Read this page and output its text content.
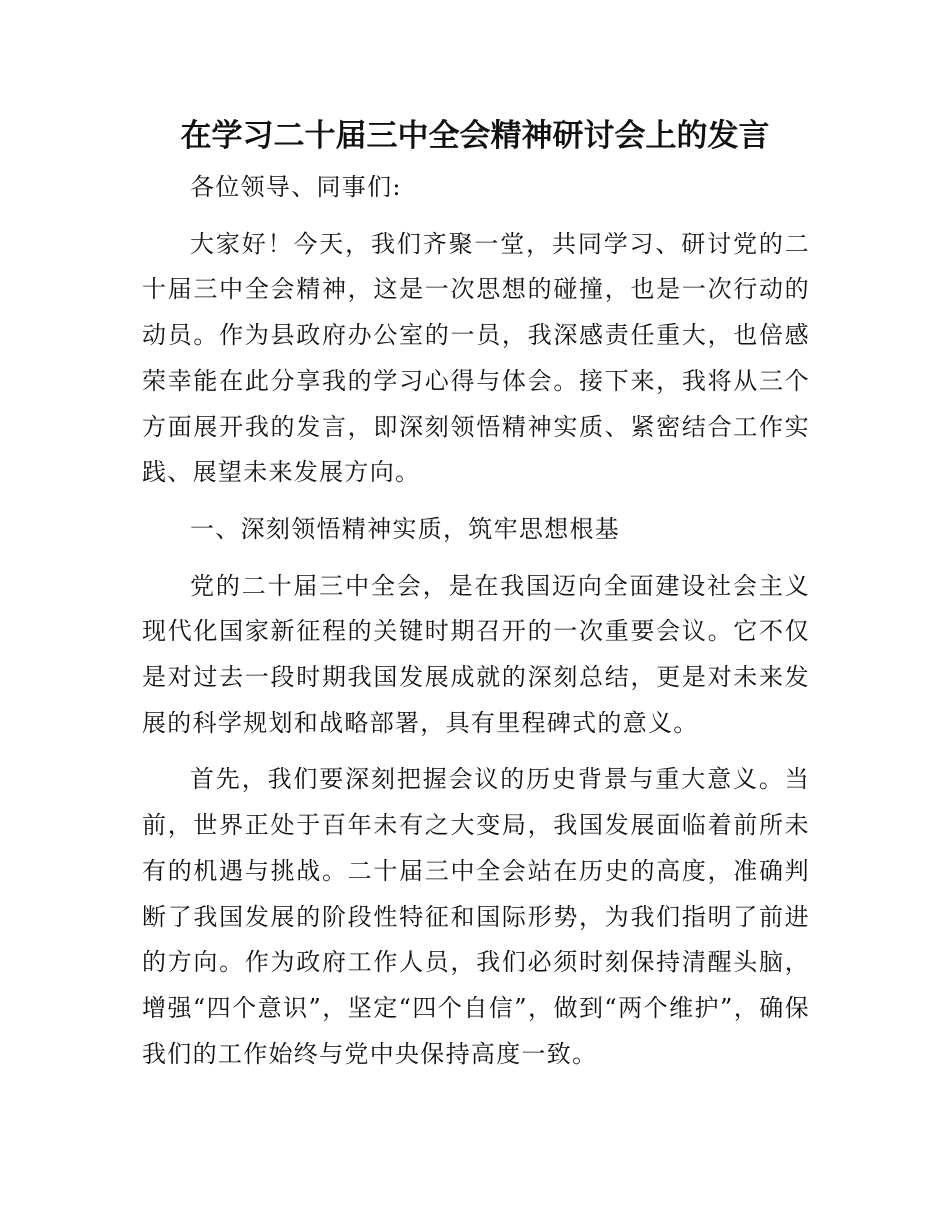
在学习二十届三中全会精神研讨会上的发言

各位领导、同事们:

大家好！今天，我们齐聚一堂，共同学习、研讨党的二十届三中全会精神，这是一次思想的碰撞，也是一次行动的动员。作为县政府办公室的一员，我深感责任重大，也倍感荣幸能在此分享我的学习心得与体会。接下来，我将从三个方面展开我的发言，即深刻领悟精神实质、紧密结合工作实践、展望未来发展方向。

一、深刻领悟精神实质，筑牢思想根基

党的二十届三中全会，是在我国迈向全面建设社会主义现代化国家新征程的关键时期召开的一次重要会议。它不仅是对过去一段时期我国发展成就的深刻总结，更是对未来发展的科学规划和战略部署，具有里程碑式的意义。

首先，我们要深刻把握会议的历史背景与重大意义。当前，世界正处于百年未有之大变局，我国发展面临着前所未有的机遇与挑战。二十届三中全会站在历史的高度，准确判断了我国发展的阶段性特征和国际形势，为我们指明了前进的方向。作为政府工作人员，我们必须时刻保持清醒头脑，增强“四个意识”，坚定“四个自信”，做到“两个维护”，确保我们的工作始终与党中央保持高度一致。
